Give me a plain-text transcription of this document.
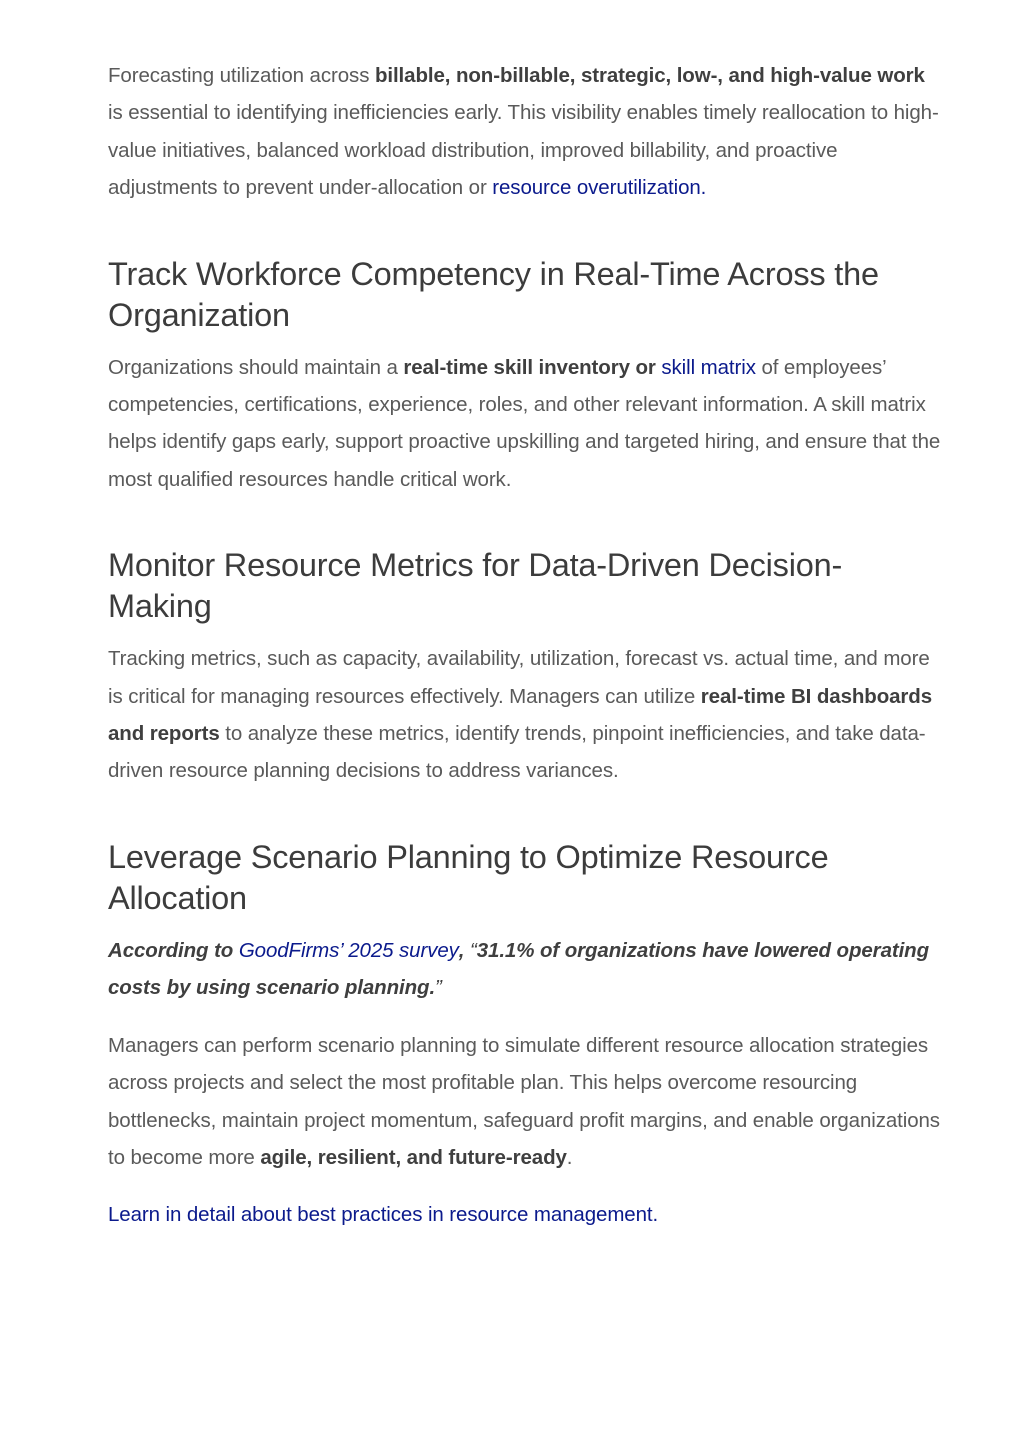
Forecasting utilization across billable, non-billable, strategic, low-, and high-value work is essential to identifying inefficiencies early. This visibility enables timely reallocation to high-value initiatives, balanced workload distribution, improved billability, and proactive adjustments to prevent under-allocation or resource overutilization.

Track Workforce Competency in Real-Time Across the Organization

Organizations should maintain a real-time skill inventory or skill matrix of employees’ competencies, certifications, experience, roles, and other relevant information. A skill matrix helps identify gaps early, support proactive upskilling and targeted hiring, and ensure that the most qualified resources handle critical work.

Monitor Resource Metrics for Data-Driven Decision-Making

Tracking metrics, such as capacity, availability, utilization, forecast vs. actual time, and more is critical for managing resources effectively. Managers can utilize real-time BI dashboards and reports to analyze these metrics, identify trends, pinpoint inefficiencies, and take data-driven resource planning decisions to address variances.

Leverage Scenario Planning to Optimize Resource Allocation

According to GoodFirms’ 2025 survey, “31.1% of organizations have lowered operating costs by using scenario planning.”

Managers can perform scenario planning to simulate different resource allocation strategies across projects and select the most profitable plan. This helps overcome resourcing bottlenecks, maintain project momentum, safeguard profit margins, and enable organizations to become more agile, resilient, and future-ready.

Learn in detail about best practices in resource management.
